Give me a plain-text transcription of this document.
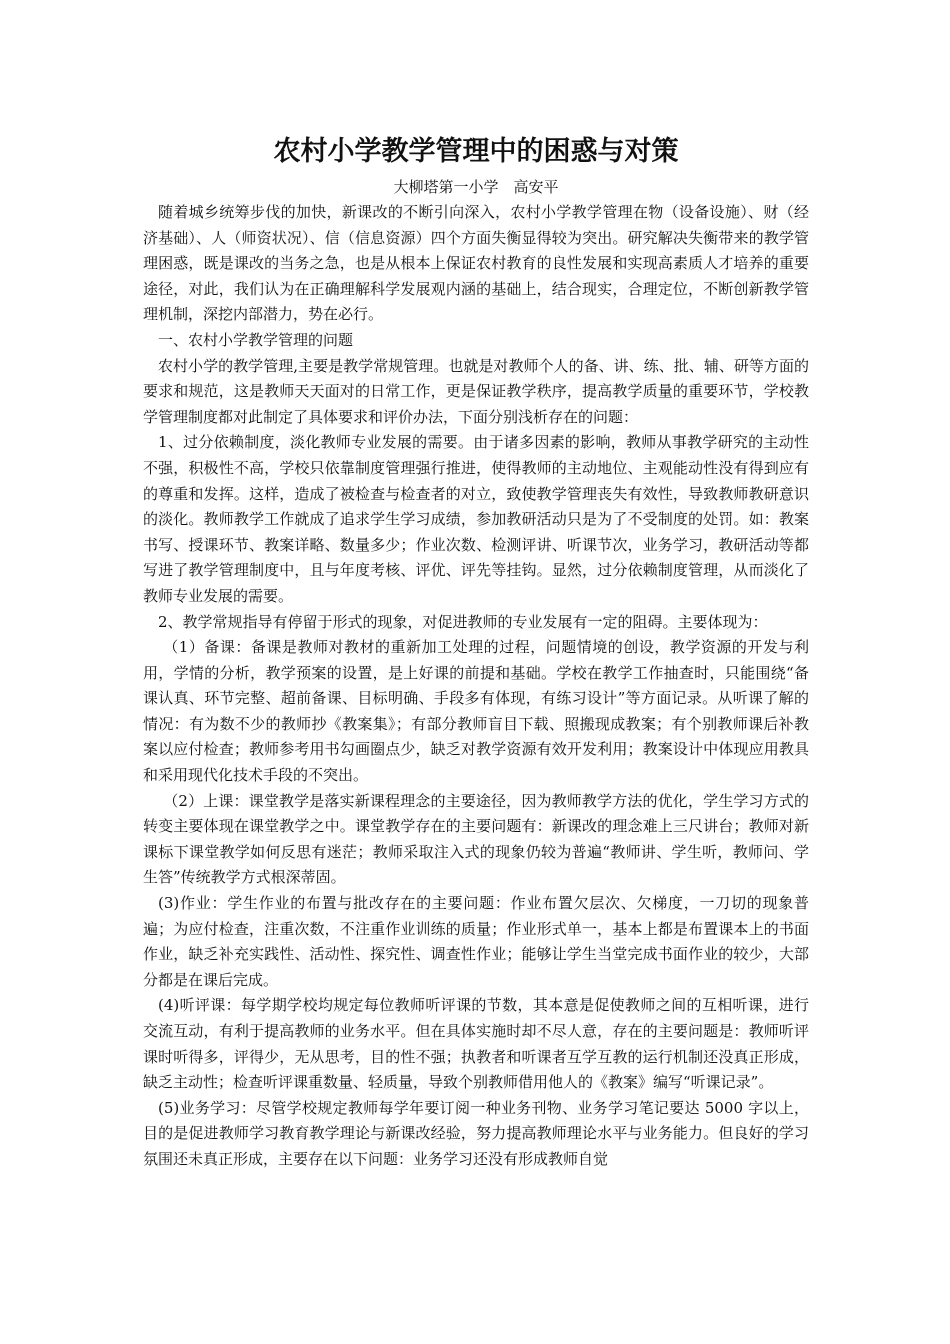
农村小学教学管理中的困惑与对策

大柳塔第一小学　高安平

随着城乡统筹步伐的加快，新课改的不断引向深入，农村小学教学管理在物（设备设施）、财（经济基础）、人（师资状况）、信（信息资源）四个方面失衡显得较为突出。研究解决失衡带来的教学管理困惑，既是课改的当务之急，也是从根本上保证农村教育的良性发展和实现高素质人才培养的重要途径，对此，我们认为在正确理解科学发展观内涵的基础上，结合现实，合理定位，不断创新教学管理机制，深挖内部潜力，势在必行。

一、农村小学教学管理的问题

农村小学的教学管理,主要是教学常规管理。也就是对教师个人的备、讲、练、批、辅、研等方面的要求和规范，这是教师天天面对的日常工作，更是保证教学秩序，提高教学质量的重要环节，学校教学管理制度都对此制定了具体要求和评价办法，下面分别浅析存在的问题：

1、过分依赖制度，淡化教师专业发展的需要。由于诸多因素的影响，教师从事教学研究的主动性不强，积极性不高，学校只依靠制度管理强行推进，使得教师的主动地位、主观能动性没有得到应有的尊重和发挥。这样，造成了被检查与检查者的对立，致使教学管理丧失有效性，导致教师教研意识的淡化。教师教学工作就成了追求学生学习成绩，参加教研活动只是为了不受制度的处罚。如：教案书写、授课环节、教案详略、数量多少；作业次数、检测评讲、听课节次，业务学习，教研活动等都写进了教学管理制度中，且与年度考核、评优、评先等挂钩。显然，过分依赖制度管理，从而淡化了教师专业发展的需要。

2、教学常规指导有停留于形式的现象，对促进教师的专业发展有一定的阻碍。主要体现为：

（1）备课：备课是教师对教材的重新加工处理的过程，问题情境的创设，教学资源的开发与利用，学情的分析，教学预案的设置，是上好课的前提和基础。学校在教学工作抽查时，只能围绕“备课认真、环节完整、超前备课、目标明确、手段多有体现，有练习设计”等方面记录。从听课了解的情况：有为数不少的教师抄《教案集》；有部分教师盲目下载、照搬现成教案；有个别教师课后补教案以应付检查；教师参考用书勾画圈点少，缺乏对教学资源有效开发利用；教案设计中体现应用教具和采用现代化技术手段的不突出。

（2）上课：课堂教学是落实新课程理念的主要途径，因为教师教学方法的优化，学生学习方式的转变主要体现在课堂教学之中。课堂教学存在的主要问题有：新课改的理念难上三尺讲台；教师对新课标下课堂教学如何反思有迷茫；教师采取注入式的现象仍较为普遍“教师讲、学生听，教师问、学生答”传统教学方式根深蒂固。

(3)作业：学生作业的布置与批改存在的主要问题：作业布置欠层次、欠梯度，一刀切的现象普遍；为应付检查，注重次数，不注重作业训练的质量；作业形式单一，基本上都是布置课本上的书面作业，缺乏补充实践性、活动性、探究性、调查性作业；能够让学生当堂完成书面作业的较少，大部分都是在课后完成。

(4)听评课：每学期学校均规定每位教师听评课的节数，其本意是促使教师之间的互相听课，进行交流互动，有利于提高教师的业务水平。但在具体实施时却不尽人意，存在的主要问题是：教师听评课时听得多，评得少，无从思考，目的性不强；执教者和听课者互学互教的运行机制还没真正形成，缺乏主动性；检查听评课重数量、轻质量，导致个别教师借用他人的《教案》编写“听课记录”。

(5)业务学习：尽管学校规定教师每学年要订阅一种业务刊物、业务学习笔记要达 5000 字以上，目的是促进教师学习教育教学理论与新课改经验，努力提高教师理论水平与业务能力。但良好的学习氛围还未真正形成，主要存在以下问题：业务学习还没有形成教师自觉
